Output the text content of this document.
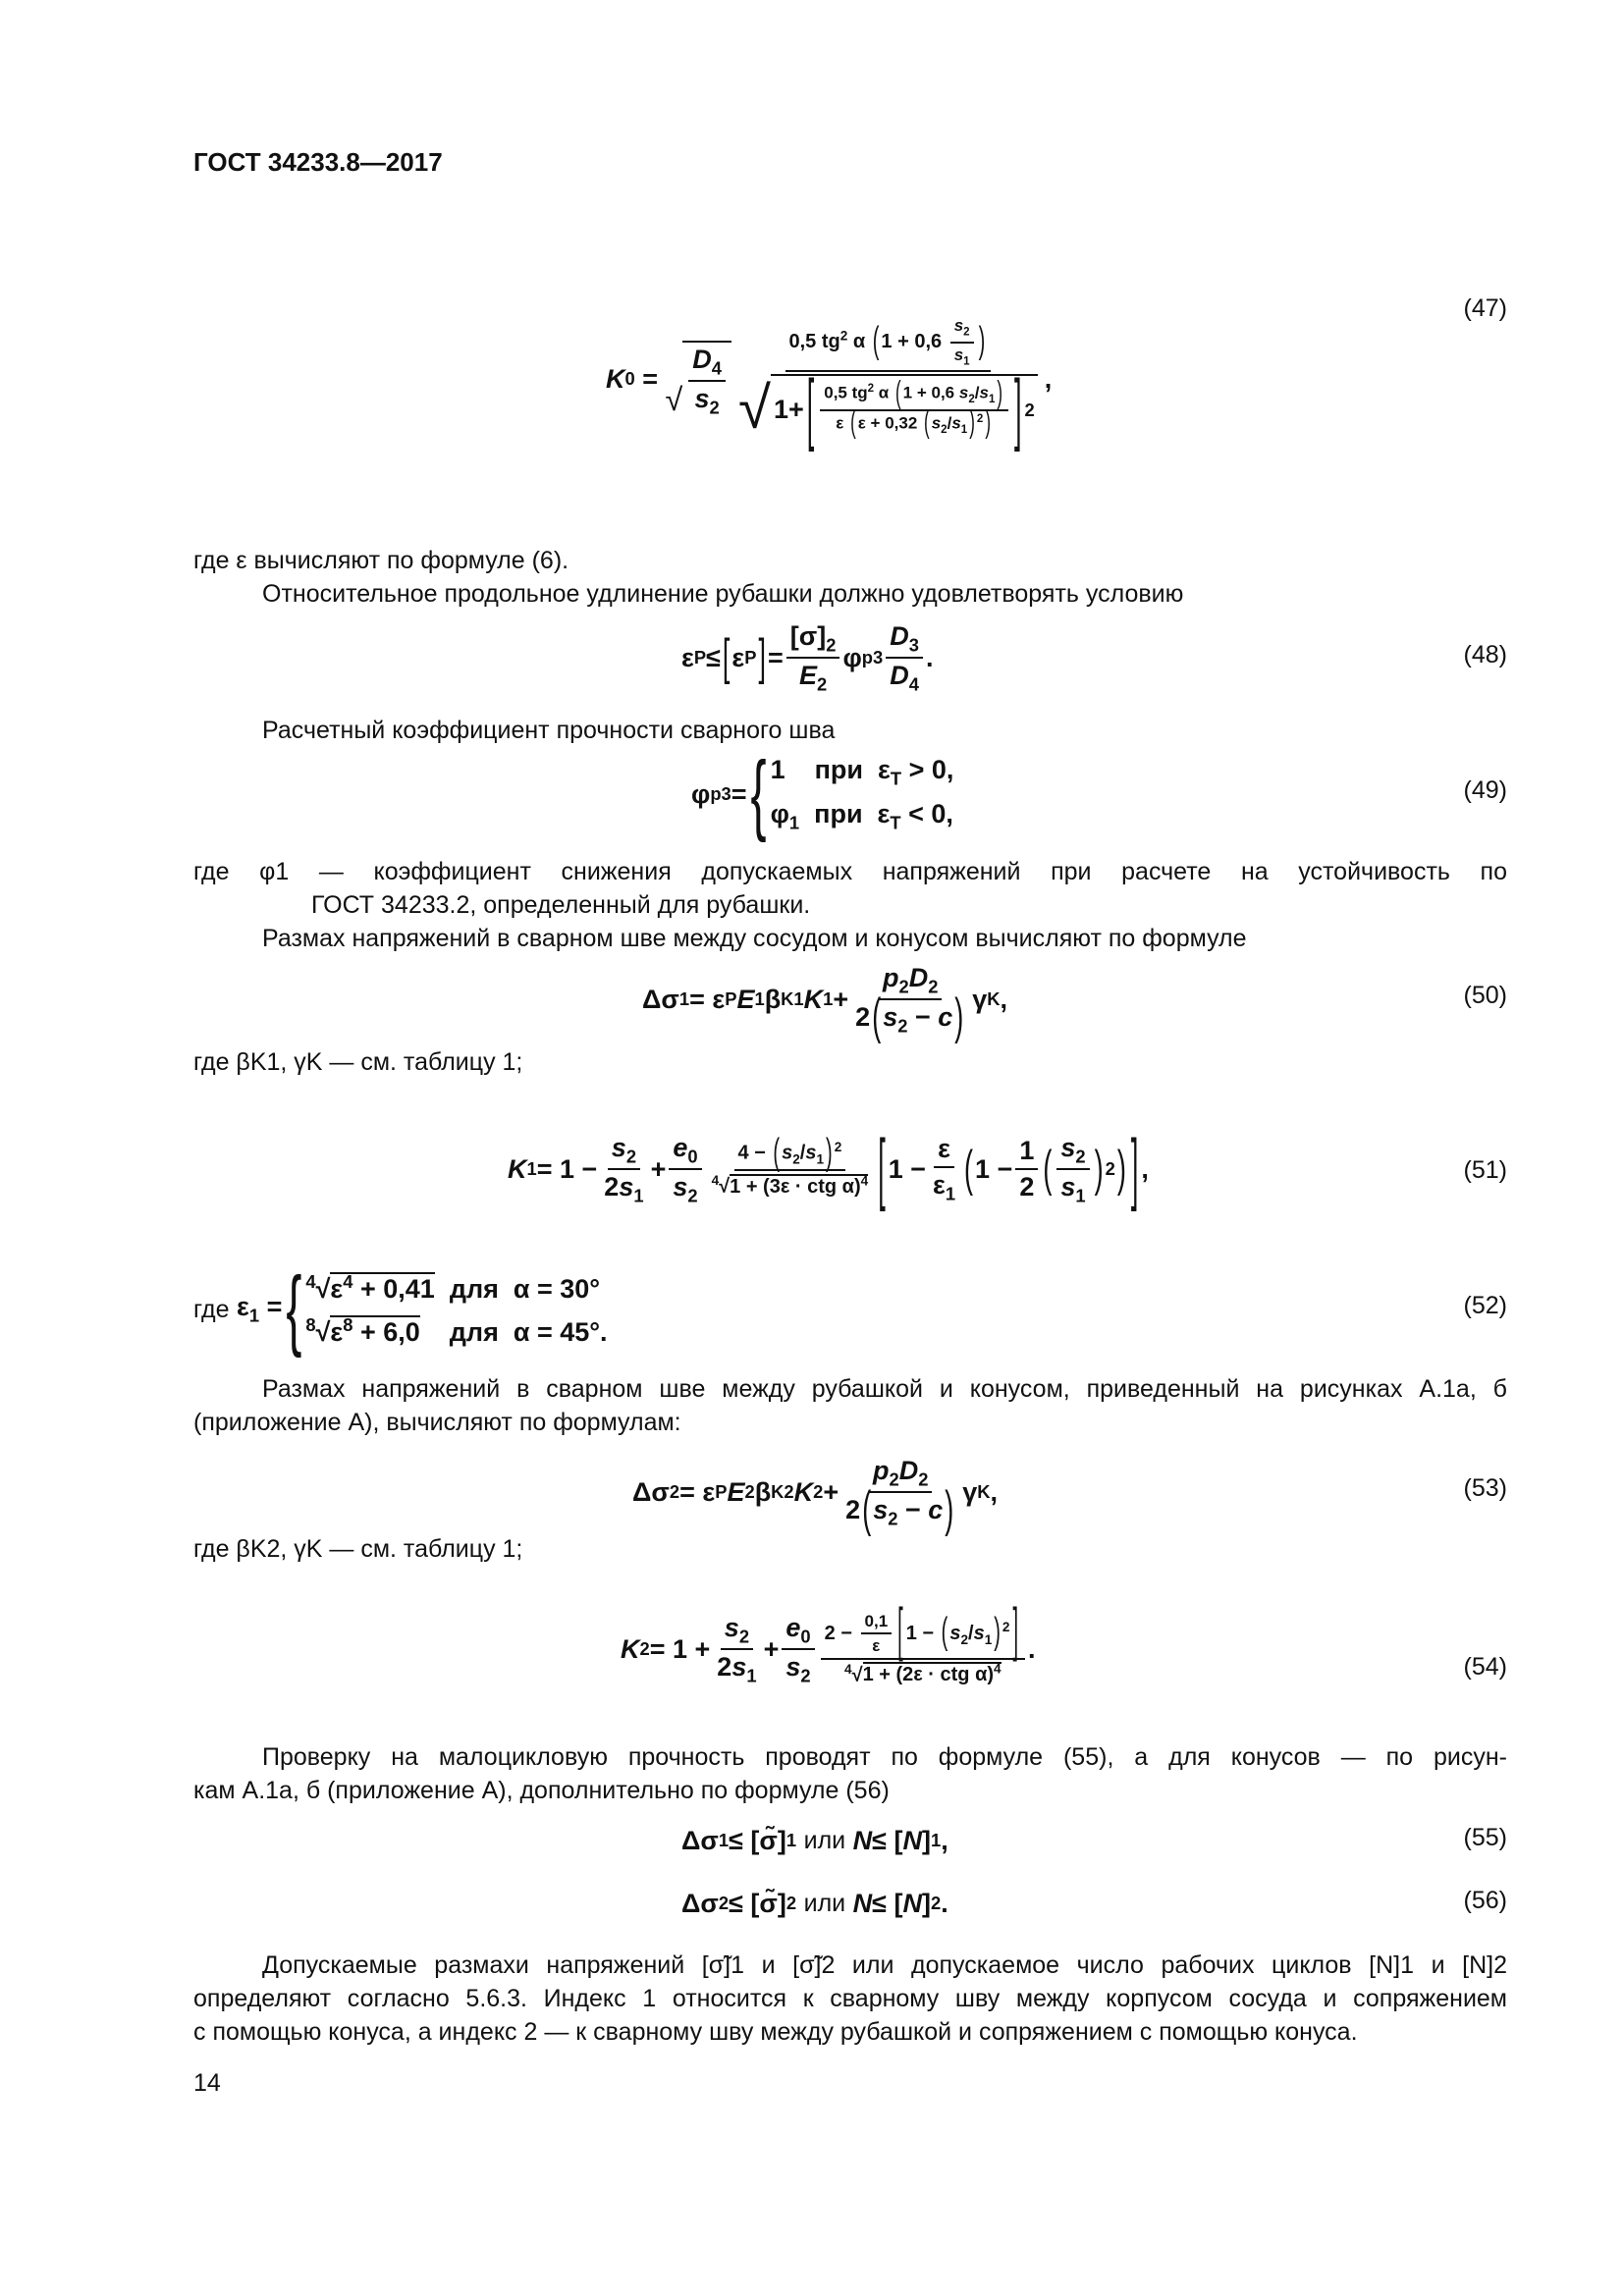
ГОСТ 34233.8—2017
K 0 =
√
$D_4$
$s_2$
0,5 $tg^2$ α ( $1 + 0,6 \frac{s_2}{s_1}$ )
√ 1+ [ 0,5 $tg^2$ α ( 1 + 0,6 $s_2/s_1$ )
ε ( ε + 0,32 ( $s_2/s_1$ ) $^2$ ) ] 2
,
(47)
где ε вычисляют по формуле (6).
Относительное продольное удлинение рубашки должно удовлетворять условию
ε P ≤ [ ε P ] =
$[\sigma]_2$
$E_2$
φ p3
$D_3$
$D_4$
.	(48)
Расчетный коэффициент прочности сварного шва
φ p3 = { 1    при  $\varepsilon_T > 0$,
$\varphi_1$ при  $\varepsilon_T < 0$,
(49)
где φ1 — коэффициент снижения допускаемых напряжений при расчете на устойчивость по
ГОСТ 34233.2, определенный для рубашки.
Размах напряжений в сварном шве между сосудом и конусом вычисляют по формуле
Δσ 1 = ε P E 1 β K1 K 1 +
$p_2D_2$
$2(s_2 - c)$ γ K ,	(50)
где βK1, γK — см. таблицу 1;
K 1 = 1 −
$s_2$
$2s_1$
+
$e_0$
$s_2$
4 − ( $s_2/s_1$ ) $^2$
$^4$√1 + (3ε · ctg α)$^4$ [ 1 −
ε
$\varepsilon_1$ ( 1 −
1
2 ( $s_2$
$s_1$ ) 2 ) ] ,	(51)
где
$\varepsilon_1$ = { $^4√\varepsilon^4 + 0,41$ для α = 30°
$^8√\varepsilon^8 + 6,0$ для α = 45°.
(52)
Размах напряжений в сварном шве между рубашкой и конусом, приведенный на рисунках А.1а, б
(приложение А), вычисляют по формулам:
Δσ 2 = ε P E 2 β K2 K 2 +
$p_2D_2$
$2(s_2 - c)$ γ K ,	(53)
где βK2, γK — см. таблицу 1;
K 2 = 1 +
$s_2$
$2s_1$
+
$e_0$
$s_2$
$2 - \frac{0,1}{\varepsilon}$ [ 1 − ( $s_2/s_1$ ) $^2$ ]
$^4$√1 + (2ε · ctg α)$^4$
.
(54)
Проверку на малоцикловую прочность проводят по формуле (55), а для конусов — по рисун-
кам А.1а, б (приложение А), дополнительно по формуле (56)
Δσ 1 ≤ [σ̃] 1
или
N ≤ [ N ] 1 ,	(55)
Δσ 2 ≤ [σ̃] 2
или
N ≤ [ N ] 2 .	(56)
Допускаемые размахи напряжений [σ̃]1 и [σ̃]2 или допускаемое число рабочих циклов [N]1 и [N]2
определяют согласно 5.6.3. Индекс 1 относится к сварному шву между корпусом сосуда и сопряжением
с помощью конуса, а индекс 2 — к сварному шву между рубашкой и сопряжением с помощью конуса.
14
